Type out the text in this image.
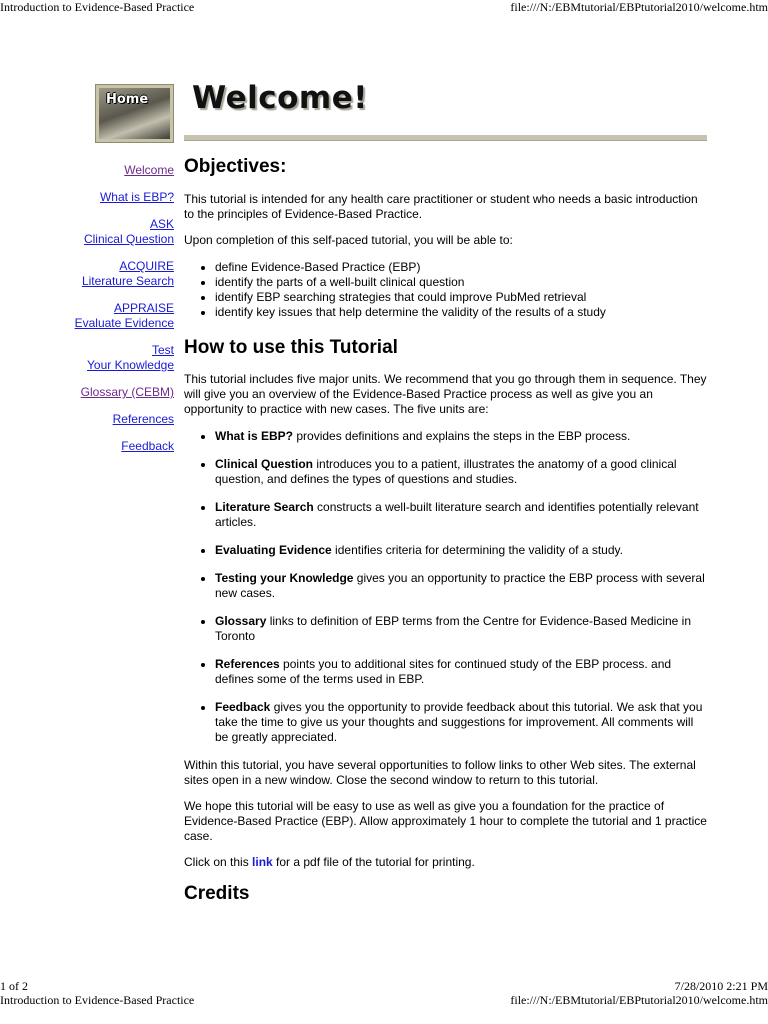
Introduction to Evidence-Based Practice	file:///N:/EBMtutorial/EBPtutorial2010/welcome.htm
Home Welcome!
Welcome
What is EBP?
ASK
Clinical Question
ACQUIRE
Literature Search
APPRAISE
Evaluate Evidence
Test
Your Knowledge
Glossary (CEBM)
References
Feedback
Objectives:

This tutorial is intended for any health care practitioner or student who needs a basic introduction to the principles of Evidence-Based Practice.

Upon completion of this self-paced tutorial, you will be able to:

• define Evidence-Based Practice (EBP)
• identify the parts of a well-built clinical question
• identify EBP searching strategies that could improve PubMed retrieval
• identify key issues that help determine the validity of the results of a study
How to use this Tutorial

This tutorial includes five major units. We recommend that you go through them in sequence. They will give you an overview of the Evidence-Based Practice process as well as give you an opportunity to practice with new cases. The five units are:

• What is EBP? provides definitions and explains the steps in the EBP process.
• Clinical Question introduces you to a patient, illustrates the anatomy of a good clinical question, and defines the types of questions and studies.
• Literature Search constructs a well-built literature search and identifies potentially relevant articles.
• Evaluating Evidence identifies criteria for determining the validity of a study.
• Testing your Knowledge gives you an opportunity to practice the EBP process with several new cases.
• Glossary links to definition of EBP terms from the Centre for Evidence-Based Medicine in Toronto
• References points you to additional sites for continued study of the EBP process. and defines some of the terms used in EBP.
• Feedback gives you the opportunity to provide feedback about this tutorial. We ask that you take the time to give us your thoughts and suggestions for improvement. All comments will be greatly appreciated.

Within this tutorial, you have several opportunities to follow links to other Web sites. The external sites open in a new window. Close the second window to return to this tutorial.

We hope this tutorial will be easy to use as well as give you a foundation for the practice of Evidence-Based Practice (EBP). Allow approximately 1 hour to complete the tutorial and 1 practice case.

Click on this link for a pdf file of the tutorial for printing.

Credits
1 of 2	7/28/2010 2:21 PM
Introduction to Evidence-Based Practice	file:///N:/EBMtutorial/EBPtutorial2010/welcome.htm
